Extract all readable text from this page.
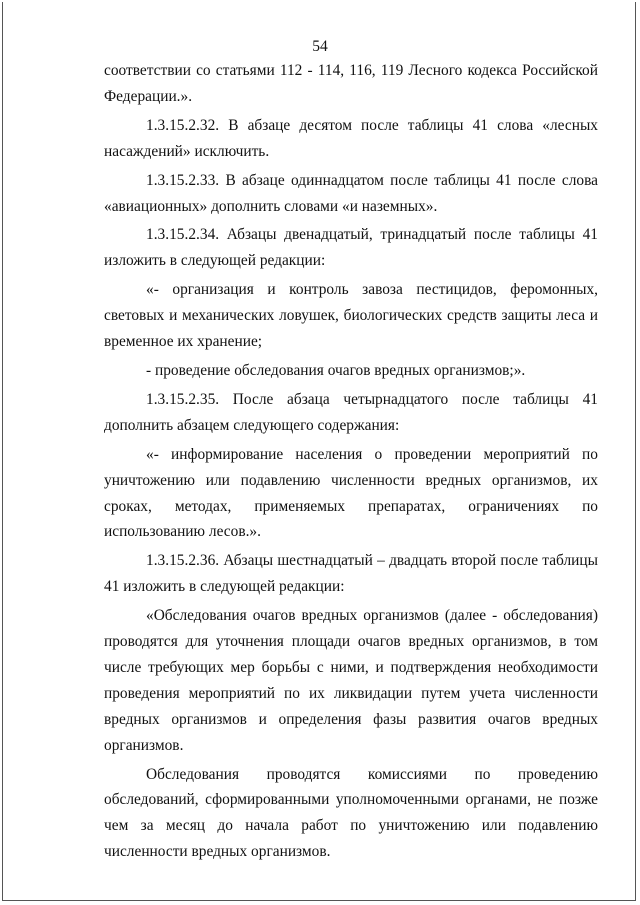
54

соответствии со статьями 112 - 114, 116, 119 Лесного кодекса Российской Федерации.».

1.3.15.2.32. В абзаце десятом после таблицы 41 слова «лесных насаждений» исключить.

1.3.15.2.33. В абзаце одиннадцатом после таблицы 41 после слова «авиационных» дополнить словами «и наземных».

1.3.15.2.34. Абзацы двенадцатый, тринадцатый после таблицы 41 изложить в следующей редакции:

«- организация и контроль завоза пестицидов, феромонных, световых и механических ловушек, биологических средств защиты леса и временное их хранение;

- проведение обследования очагов вредных организмов;».

1.3.15.2.35. После абзаца четырнадцатого после таблицы 41 дополнить абзацем следующего содержания:

«- информирование населения о проведении мероприятий по уничтожению или подавлению численности вредных организмов, их сроках, методах, применяемых препаратах, ограничениях по использованию лесов.».

1.3.15.2.36. Абзацы шестнадцатый – двадцать второй после таблицы 41 изложить в следующей редакции:

«Обследования очагов вредных организмов (далее - обследования) проводятся для уточнения площади очагов вредных организмов, в том числе требующих мер борьбы с ними, и подтверждения необходимости проведения мероприятий по их ликвидации путем учета численности вредных организмов и определения фазы развития очагов вредных организмов.

Обследования проводятся комиссиями по проведению обследований, сформированными уполномоченными органами, не позже чем за месяц до начала работ по уничтожению или подавлению численности вредных организмов.
